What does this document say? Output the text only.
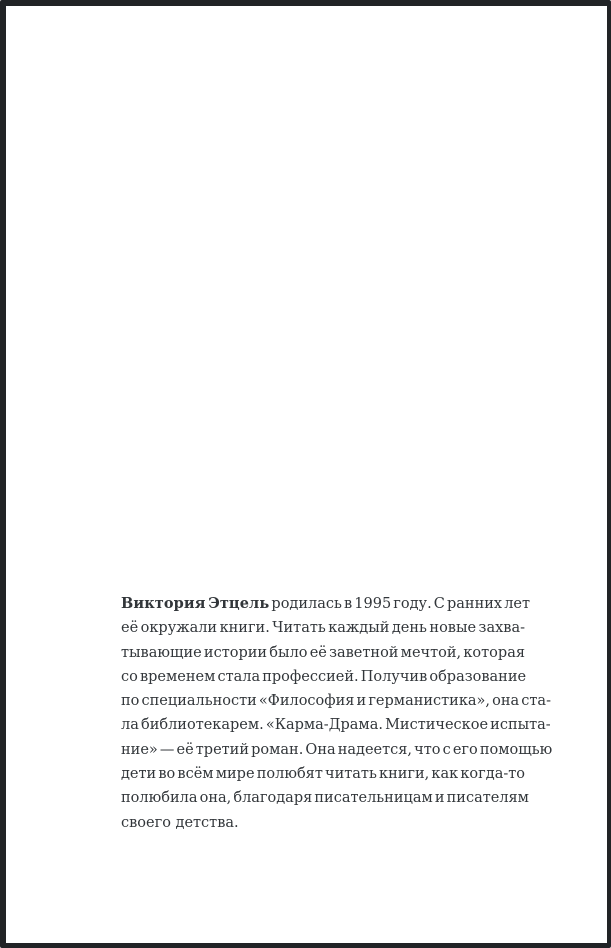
Виктория Этцель родилась в 1995 году. С ранних лет
её окружали книги. Читать каждый день новые захва-
тывающие истории было её заветной мечтой, которая
со временем стала профессией. Получив образование
по специальности «Философия и германистика», она ста-
ла библиотекарем. «Карма-Драма. Мистическое испыта-
ние» — её третий роман. Она надеется, что с его помощью
дети во всём мире полюбят читать книги, как когда-то
полюбила она, благодаря писательницам и писателям
своего детства.
